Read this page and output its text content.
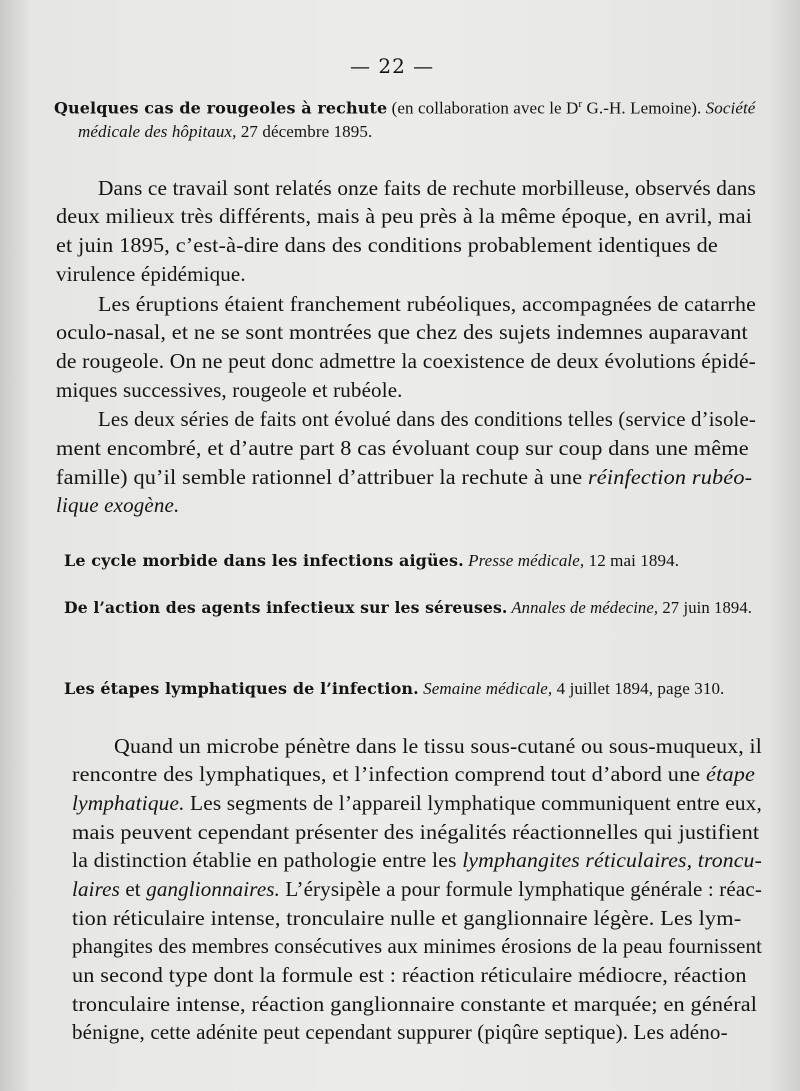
— 22 —
Quelques cas de rougeoles à rechute (en collaboration avec le $D^r$ G.-H. Lemoine). Société
médicale des hôpitaux, 27 décembre 1895.
Dans ce travail sont relatés onze faits de rechute morbilleuse, observés dans
deux milieux très différents, mais à peu près à la même époque, en avril, mai
et juin 1895, c’est-à-dire dans des conditions probablement identiques de
virulence épidémique.
Les éruptions étaient franchement rubéoliques, accompagnées de catarrhe
oculo-nasal, et ne se sont montrées que chez des sujets indemnes auparavant
de rougeole. On ne peut donc admettre la coexistence de deux évolutions épidé-
miques successives, rougeole et rubéole.
Les deux séries de faits ont évolué dans des conditions telles (service d’isole-
ment encombré, et d’autre part 8 cas évoluant coup sur coup dans une même
famille) qu’il semble rationnel d’attribuer la rechute à une réinfection rubéo-
lique exogène.
Le cycle morbide dans les infections aigües. Presse médicale, 12 mai 1894.
De l’action des agents infectieux sur les séreuses. Annales de médecine, 27 juin 1894.
Les étapes lymphatiques de l’infection. Semaine médicale, 4 juillet 1894, page 310.
Quand un microbe pénètre dans le tissu sous-cutané ou sous-muqueux, il
rencontre des lymphatiques, et l’infection comprend tout d’abord une étape
lymphatique. Les segments de l’appareil lymphatique communiquent entre eux,
mais peuvent cependant présenter des inégalités réactionnelles qui justifient
la distinction établie en pathologie entre les lymphangites réticulaires, troncu-
laires et ganglionnaires. L’érysipèle a pour formule lymphatique générale : réac-
tion réticulaire intense, tronculaire nulle et ganglionnaire légère. Les lym-
phangites des membres consécutives aux minimes érosions de la peau fournissent
un second type dont la formule est : réaction réticulaire médiocre, réaction
tronculaire intense, réaction ganglionnaire constante et marquée; en général
bénigne, cette adénite peut cependant suppurer (piqûre septique). Les adéno-
